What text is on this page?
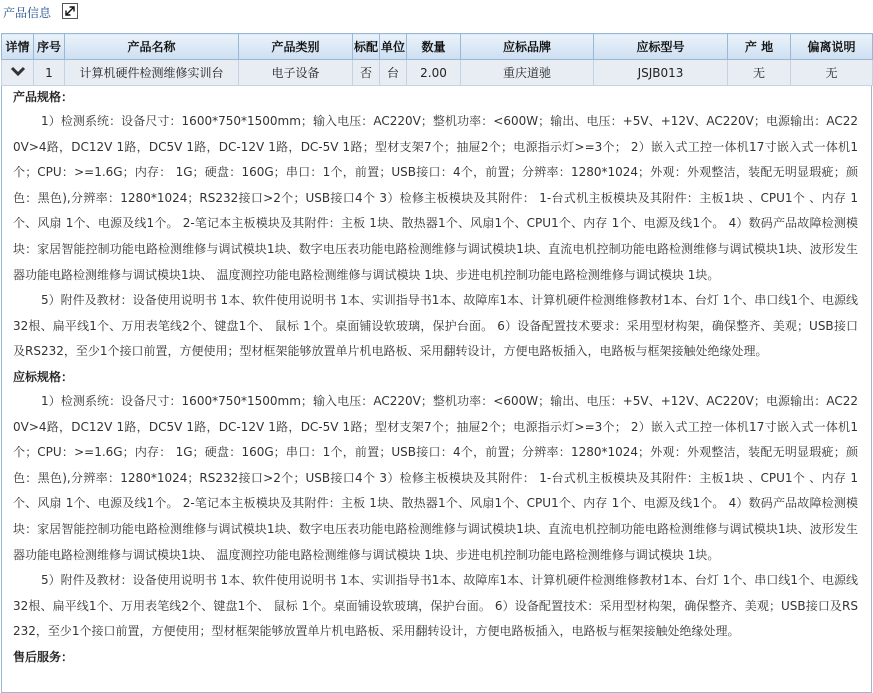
产品信息
详情	序号	产品名称	产品类别	标配	单位	数量	应标品牌	应标型号	产 地	偏离说明
	1	计算机硬件检测维修实训台	电子设备	否	台	2.00	重庆道驰	JSJB013	无	无
产品规格：

1）检测系统：设备尺寸：1600*750*1500mm；输入电压：AC220V；整机功率：<600W；输出、电压：+5V、+12V、AC220V；电源输出：AC220V>4路，DC12V 1路，DC5V 1路，DC-12V 1路，DC-5V 1路；型材支架7个；抽屉2个；电源指示灯>=3个； 2）嵌入式工控一体机17寸嵌入式一体机1个；CPU：>=1.6G；内存： 1G；硬盘：160G；串口：1个，前置；USB接口：4个，前置；分辨率：1280*1024；外观：外观整洁，装配无明显瑕疵；颜色：黑色),分辨率：1280*1024；RS232接口>2个；USB接口4个 3）检修主板模块及其附件： 1-台式机主板模块及其附件：主板1块 、CPU1个 、内存 1个、风扇 1个、电源及线1个。 2-笔记本主板模块及其附件：主板 1块、散热器1个、风扇1个、CPU1个、内存 1个、电源及线1个。 4）数码产品故障检测模块：家居智能控制功能电路检测维修与调试模块1块、数字电压表功能电路检测维修与调试模块1块、直流电机控制功能电路检测维修与调试模块1块、波形发生器功能电路检测维修与调试模块1块、 温度测控功能电路检测维修与调试模块 1块、步进电机控制功能电路检测维修与调试模块 1块。

5）附件及教材：设备使用说明书 1本、软件使用说明书 1本、实训指导书1本、故障库1本、计算机硬件检测维修教材1本、台灯 1个、串口线1个、电源线32根、扁平线1个、万用表笔线2个、键盘1个、 鼠标 1个。桌面铺设软玻璃，保护台面。 6）设备配置技术要求：采用型材构架，确保整齐、美观；USB接口及RS232，至少1个接口前置，方便使用；型材框架能够放置单片机电路板、采用翻转设计，方便电路板插入，电路板与框架接触处绝缘处理。

应标规格：

1）检测系统：设备尺寸：1600*750*1500mm；输入电压：AC220V；整机功率：<600W；输出、电压：+5V、+12V、AC220V；电源输出：AC220V>4路，DC12V 1路，DC5V 1路，DC-12V 1路，DC-5V 1路；型材支架7个；抽屉2个；电源指示灯>=3个； 2）嵌入式工控一体机17寸嵌入式一体机1个；CPU：>=1.6G；内存： 1G；硬盘：160G；串口：1个，前置；USB接口：4个，前置；分辨率：1280*1024；外观：外观整洁，装配无明显瑕疵；颜色：黑色),分辨率：1280*1024；RS232接口>2个；USB接口4个 3）检修主板模块及其附件： 1-台式机主板模块及其附件：主板1块 、CPU1个 、内存 1个、风扇 1个、电源及线1个。 2-笔记本主板模块及其附件：主板 1块、散热器1个、风扇1个、CPU1个、内存 1个、电源及线1个。 4）数码产品故障检测模块：家居智能控制功能电路检测维修与调试模块1块、数字电压表功能电路检测维修与调试模块1块、直流电机控制功能电路检测维修与调试模块1块、波形发生器功能电路检测维修与调试模块1块、 温度测控功能电路检测维修与调试模块 1块、步进电机控制功能电路检测维修与调试模块 1块。

5）附件及教材：设备使用说明书 1本、软件使用说明书 1本、实训指导书1本、故障库1本、计算机硬件检测维修教材1本、台灯 1个、串口线1个、电源线32根、扁平线1个、万用表笔线2个、键盘1个、 鼠标 1个。桌面铺设软玻璃，保护台面。 6）设备配置技术：采用型材构架，确保整齐、美观；USB接口及RS232，至少1个接口前置，方便使用；型材框架能够放置单片机电路板、采用翻转设计，方便电路板插入，电路板与框架接触处绝缘处理。

售后服务：
